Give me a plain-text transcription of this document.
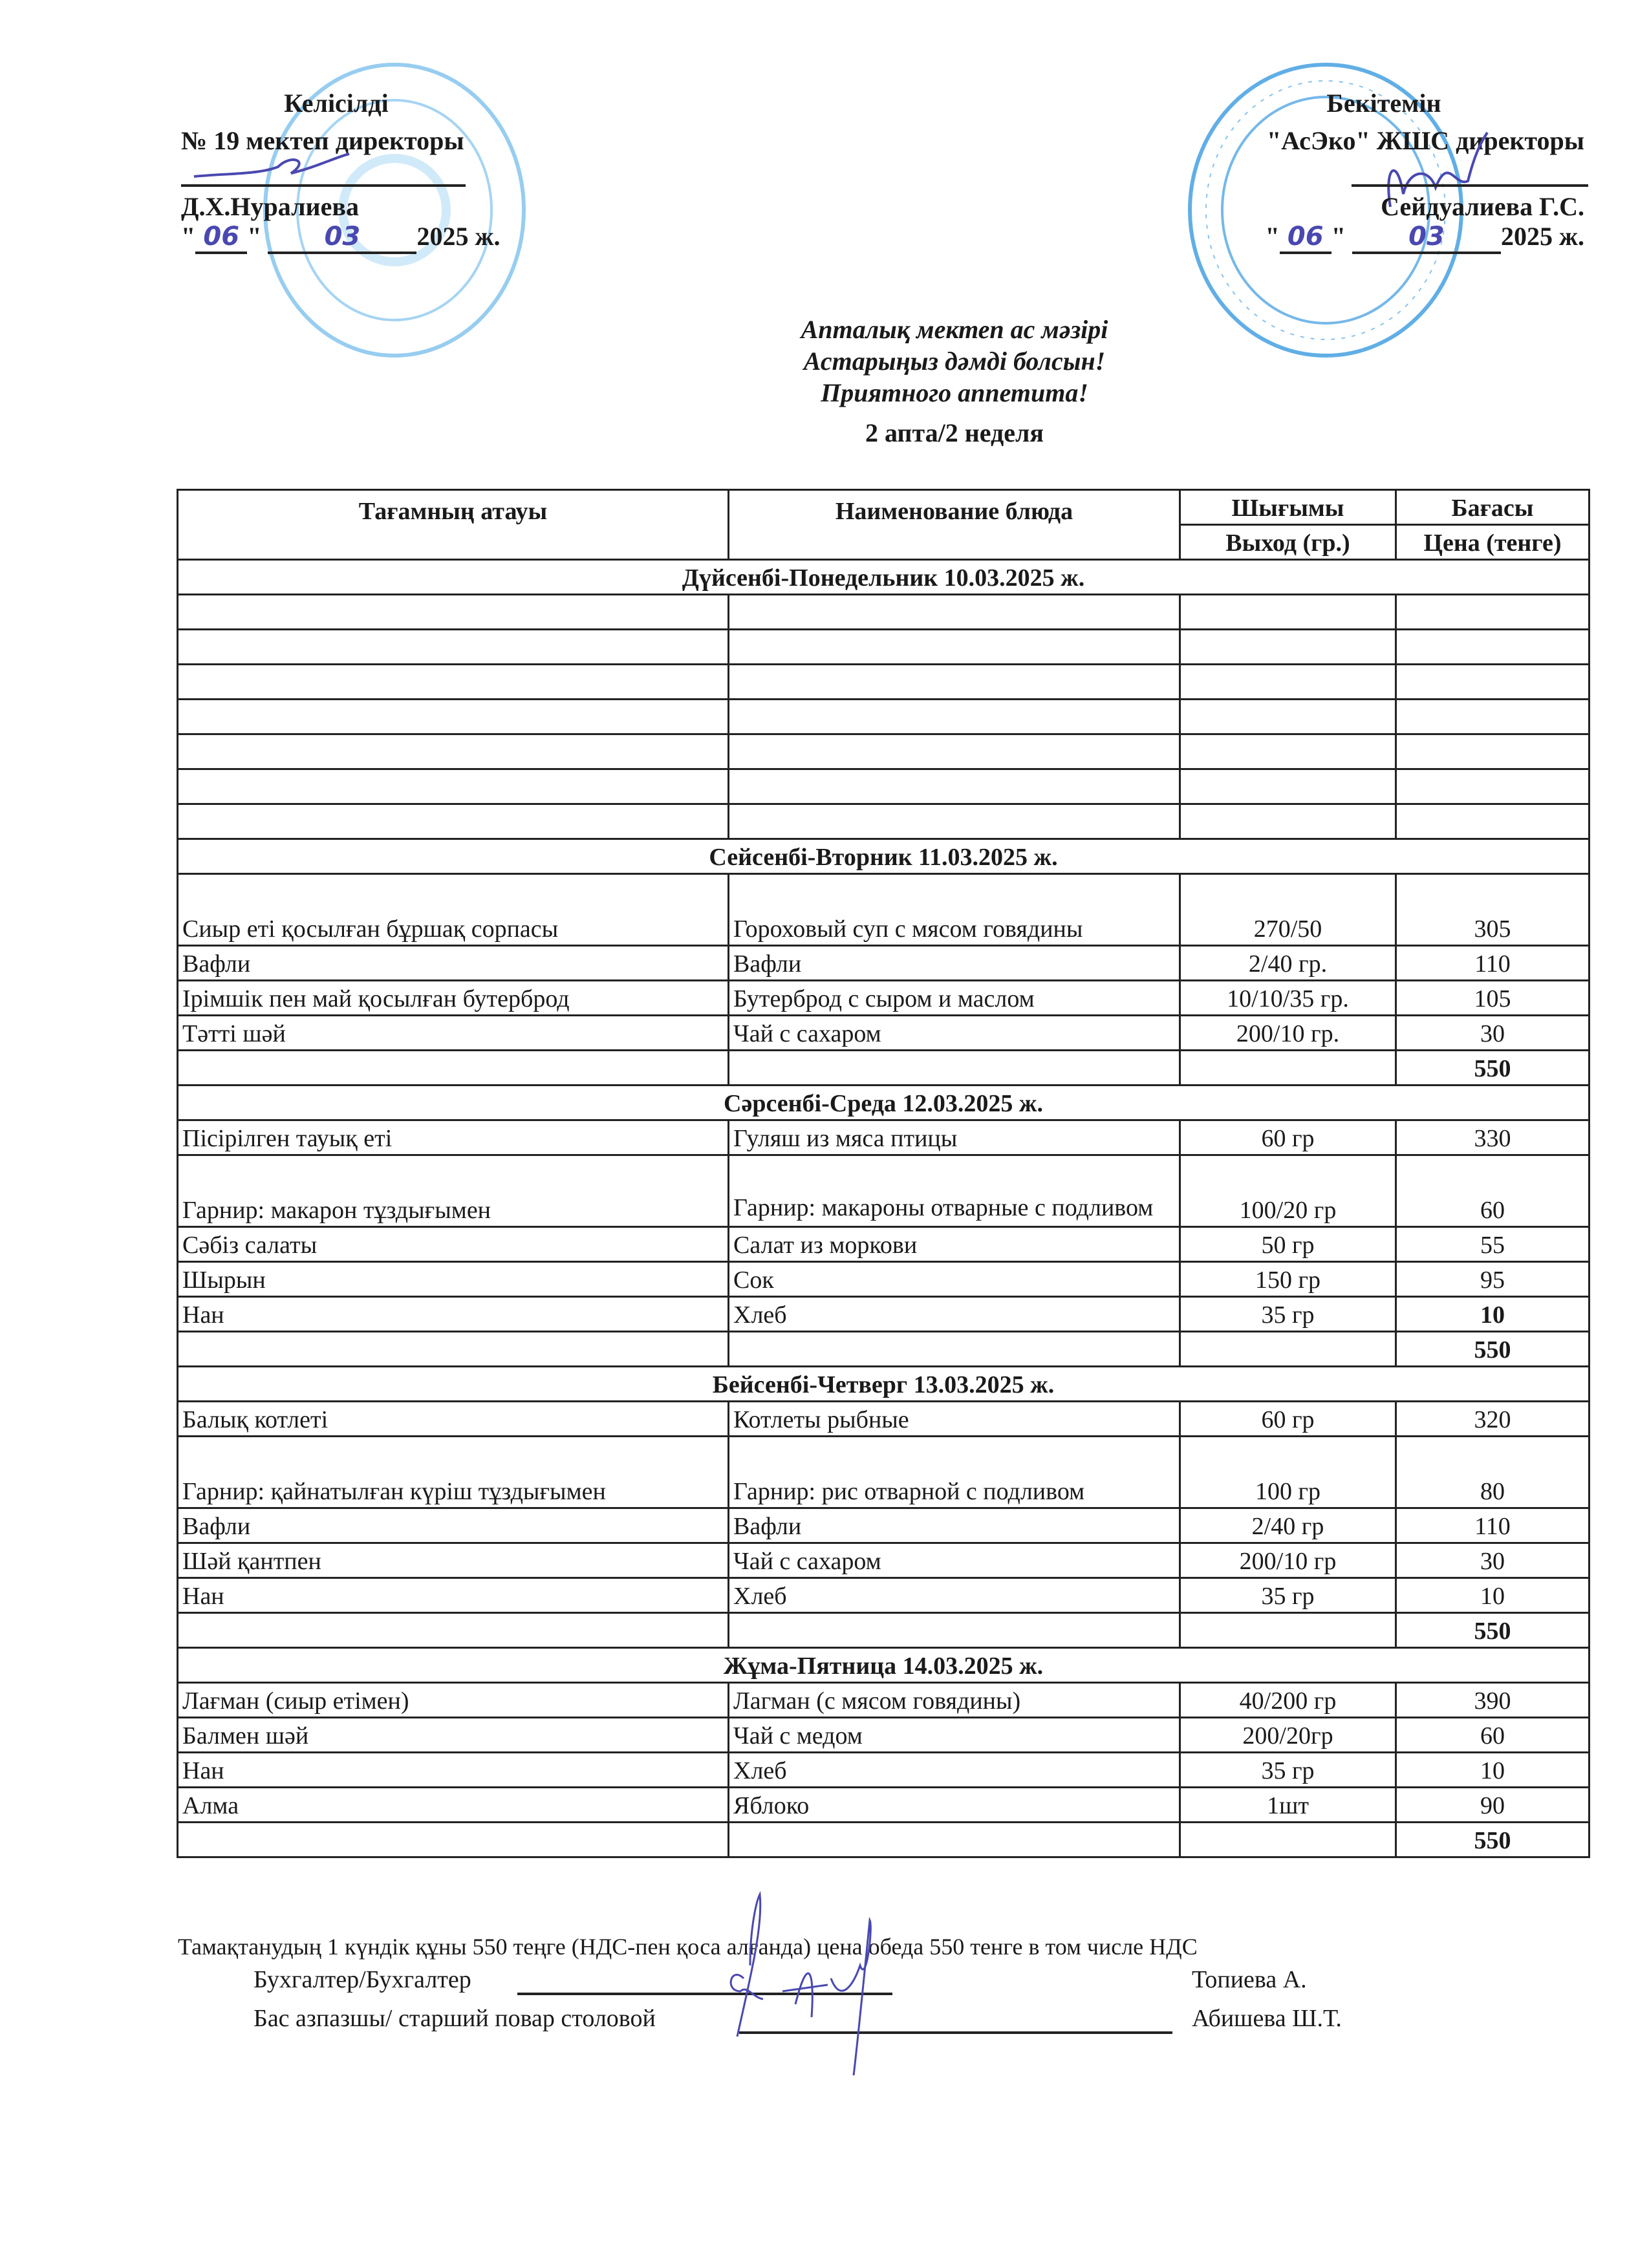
Келісілді
№ 19 мектеп директоры
Д.Х.Нуралиева
" 06 " 03 2025 ж.
Бекітемін
"АсЭко" ЖШС директоры
Сейдуалиева Г.С.
" 06 " 03 2025 ж.
Апталық мектеп ас мәзірі
Астарыңыз дәмді болсын!
Приятного аппетита!
2 апта/2 неделя
Тағамның атауы	Наименование блюда	Шығымы	Бағасы
		Выход (гр.)	Цена (тенге)
Дүйсенбі-Понедельник 10.03.2025 ж.			

Сейсенбі-Вторник 11.03.2025 ж.			
Сиыр еті қосылған бұршақ сорпасы	Гороховый суп с мясом говядины	270/50	305
Вафли	Вафли	2/40 гр.	110
Ірімшік пен май қосылған бутерброд	Бутерброд с сыром и маслом	10/10/35 гр.	105
Тәтті шәй	Чай с сахаром	200/10 гр.	30
			550
Сәрсенбі-Среда 12.03.2025 ж.			
Пісірілген тауық еті	Гуляш из мяса птицы	60 гр	330
Гарнир: макарон тұздығымен	Гарнир: макароны отварные с подливом	100/20 гр	60
Сәбіз салаты	Салат из моркови	50 гр	55
Шырын	Сок	150 гр	95
Нан	Хлеб	35 гр	10
			550
Бейсенбі-Четверг 13.03.2025 ж.			
Балық котлеті	Котлеты рыбные	60 гр	320
Гарнир: қайнатылған күріш тұздығымен	Гарнир: рис отварной с подливом	100 гр	80
Вафли	Вафли	2/40 гр	110
Шәй қантпен	Чай с сахаром	200/10 гр	30
Нан	Хлеб	35 гр	10
			550
Жұма-Пятница 14.03.2025 ж.			
Лағман (сиыр етімен)	Лагман (с мясом говядины)	40/200 гр	390
Балмен шәй	Чай с медом	200/20гр	60
Нан	Хлеб	35 гр	10
Алма	Яблоко	1шт	90
			550
Тамақтанудың 1 күндік құны 550 теңге (НДС-пен қоса алғанда) цена обеда 550 тенге в том числе НДС
Бухгалтер/Бухгалтер	Топиева А.
Бас азпазшы/ старший повар столовой	Абишева Ш.Т.
